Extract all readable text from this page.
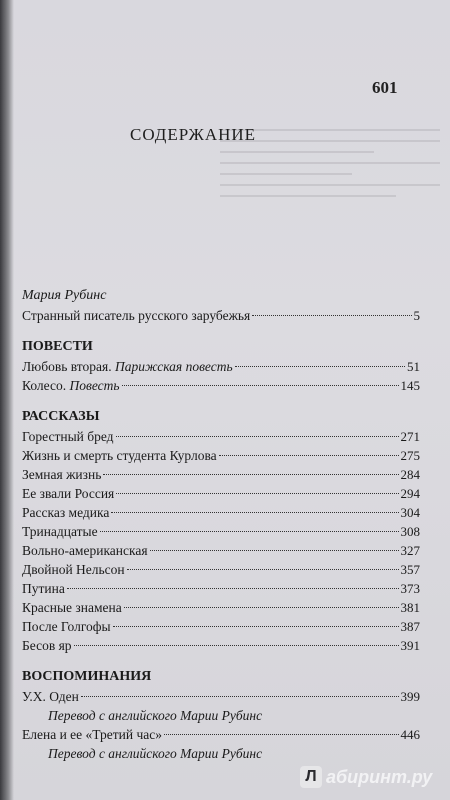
601
СОДЕРЖАНИЕ
Мария Рубинс
Странный писатель русского зарубежья	5
ПОВЕСТИ
Любовь вторая. Парижская повесть	51
Колесо. Повесть	145
РАССКАЗЫ
Горестный бред	271
Жизнь и смерть студента Курлова	275
Земная жизнь	284
Ее звали Россия	294
Рассказ медика	304
Тринадцатые	308
Вольно-американская	327
Двойной Нельсон	357
Путина	373
Красные знамена	381
После Голгофы	387
Бесов яр	391
ВОСПОМИНАНИЯ
У.Х. Оден	399
Перевод с английского Марии Рубинс
Елена и ее «Третий час»	446
Перевод с английского Марии Рубинс
Л абиринт.ру
